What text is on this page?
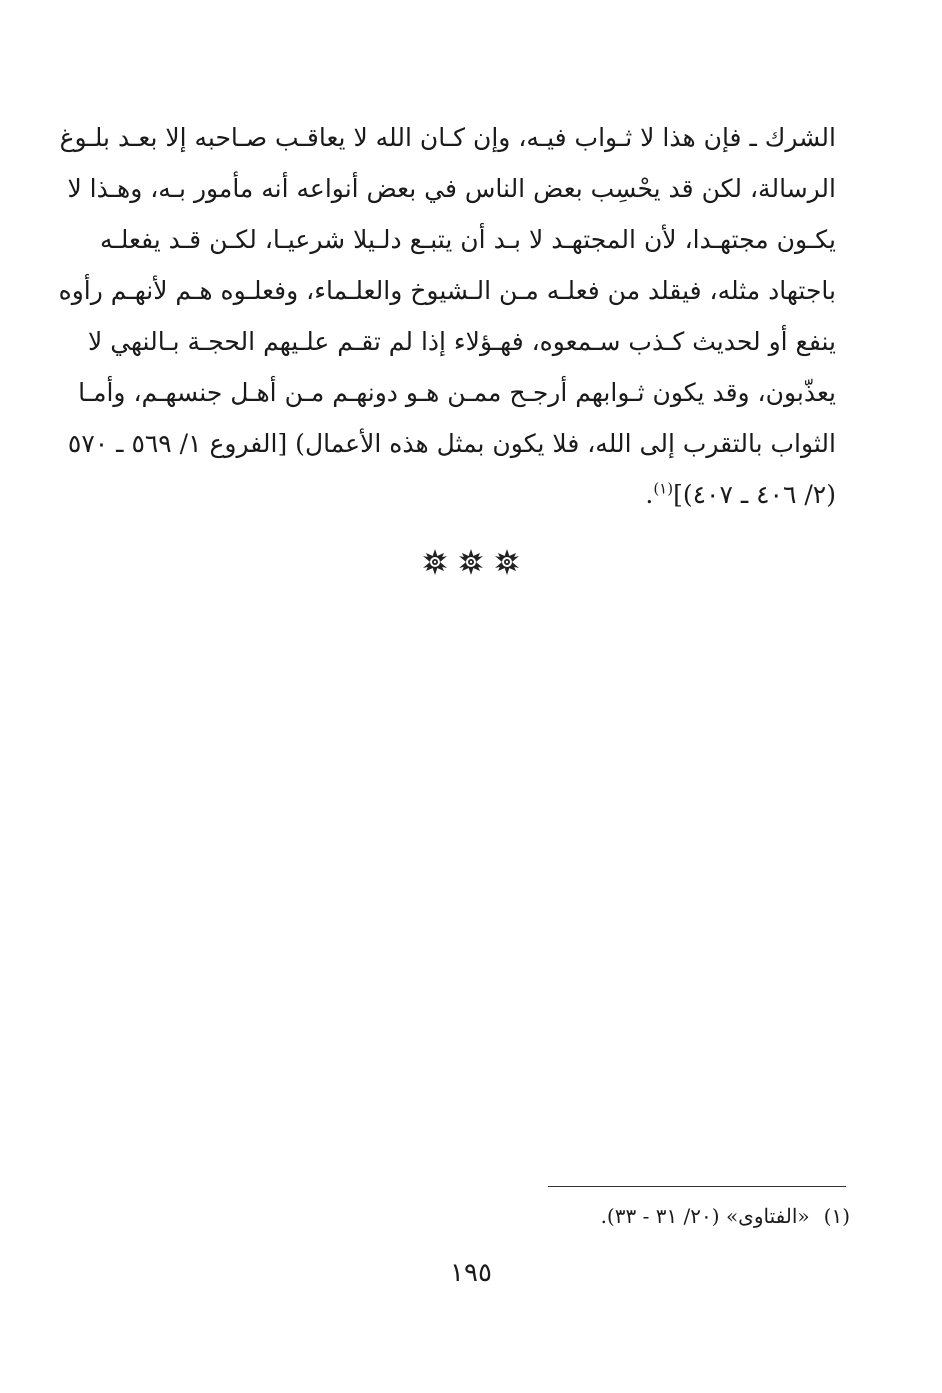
الشرك ـ فإن هذا لا ثـواب فيـه، وإن كـان الله لا يعاقـب صـاحبه إلا بعـد بلـوغ
الرسالة، لكن قد يحْسِب بعض الناس في بعض أنواعه أنه مأمور بـه، وهـذا لا
يكـون مجتهـدا، لأن المجتهـد لا بـد أن يتبـع دلـيلا شرعيـا، لكـن قـد يفعلـه
باجتهاد مثله، فيقلد من فعلـه مـن الـشيوخ والعلـماء، وفعلـوه هـم لأنهـم رأوه
ينفع أو لحديث كـذب سـمعوه، فهـؤلاء إذا لم تقـم علـيهم الحجـة بـالنهي لا
يعذّبون، وقد يكون ثـوابهم أرجـح ممـن هـو دونهـم مـن أهـل جنسهـم، وأمـا
الثواب بالتقرب إلى الله، فلا يكون بمثل هذه الأعمال) [الفروع ١/ ٥٦٩ ـ ٥٧٠
(٢/ ٤٠٦ ـ ٤٠٧)]$^{(١)}$.

(١)«الفتاوى» (٢٠/ ٣١ - ٣٣).
١٩٥
